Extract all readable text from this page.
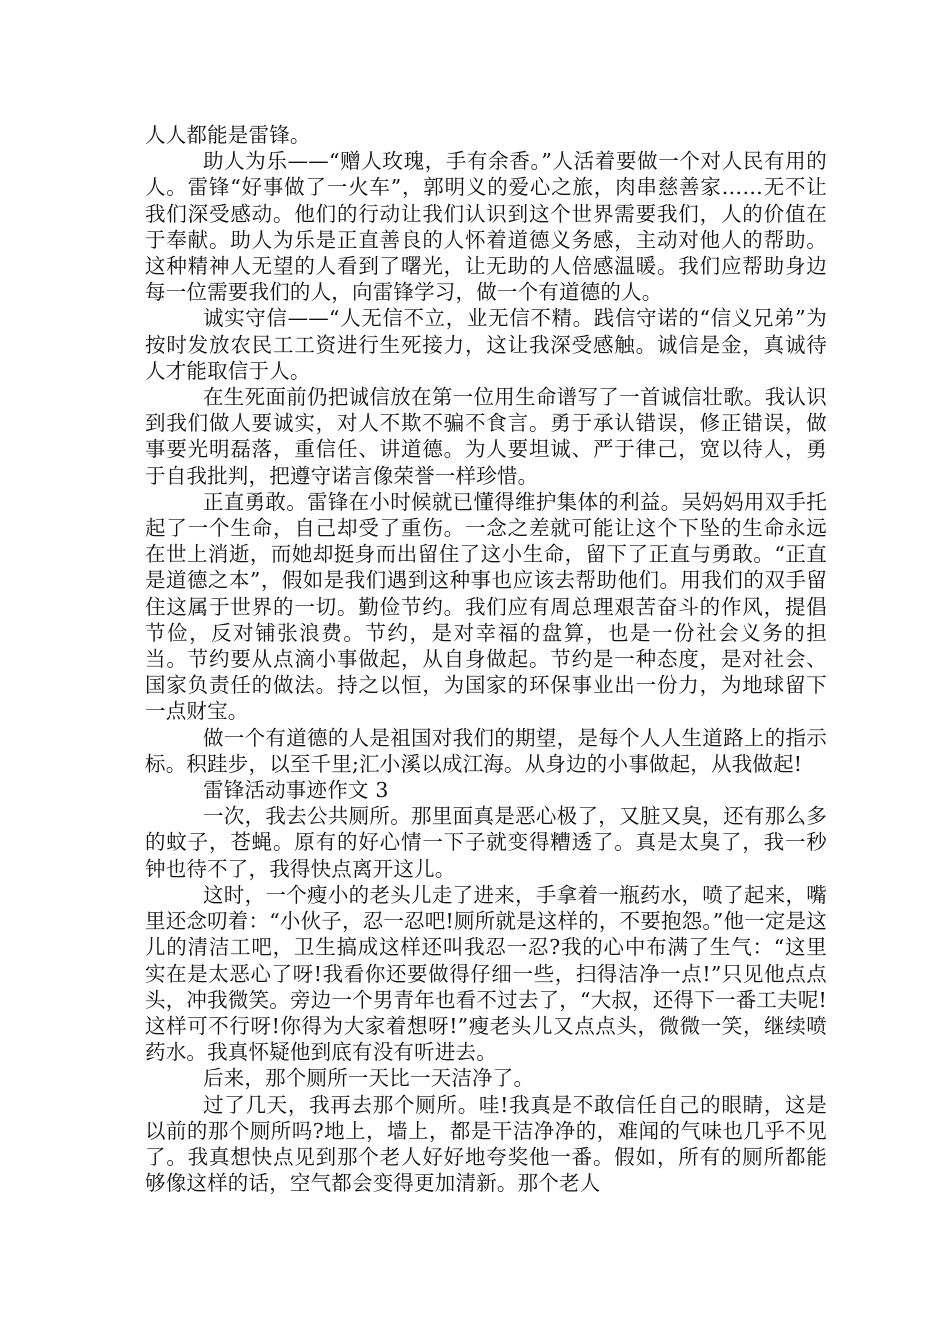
人人都能是雷锋。

助人为乐——“赠人玫瑰，手有余香。”人活着要做一个对人民有用的人。雷锋“好事做了一火车”，郭明义的爱心之旅，肉串慈善家……无不让我们深受感动。他们的行动让我们认识到这个世界需要我们，人的价值在于奉献。助人为乐是正直善良的人怀着道德义务感，主动对他人的帮助。这种精神人无望的人看到了曙光，让无助的人倍感温暖。我们应帮助身边每一位需要我们的人，向雷锋学习，做一个有道德的人。

诚实守信——“人无信不立，业无信不精。践信守诺的“信义兄弟”为按时发放农民工工资进行生死接力，这让我深受感触。诚信是金，真诚待人才能取信于人。

在生死面前仍把诚信放在第一位用生命谱写了一首诚信壮歌。我认识到我们做人要诚实，对人不欺不骗不食言。勇于承认错误，修正错误，做事要光明磊落，重信任、讲道德。为人要坦诚、严于律己，宽以待人，勇于自我批判，把遵守诺言像荣誉一样珍惜。

正直勇敢。雷锋在小时候就已懂得维护集体的利益。吴妈妈用双手托起了一个生命，自己却受了重伤。一念之差就可能让这个下坠的生命永远在世上消逝，而她却挺身而出留住了这小生命，留下了正直与勇敢。“正直是道德之本”，假如是我们遇到这种事也应该去帮助他们。用我们的双手留住这属于世界的一切。勤俭节约。我们应有周总理艰苦奋斗的作风，提倡节俭，反对铺张浪费。节约，是对幸福的盘算，也是一份社会义务的担当。节约要从点滴小事做起，从自身做起。节约是一种态度，是对社会、国家负责任的做法。持之以恒，为国家的环保事业出一份力，为地球留下一点财宝。

做一个有道德的人是祖国对我们的期望，是每个人人生道路上的指示标。积跬步，以至千里;汇小溪以成江海。从身边的小事做起，从我做起!

雷锋活动事迹作文 3

一次，我去公共厕所。那里面真是恶心极了，又脏又臭，还有那么多的蚊子，苍蝇。原有的好心情一下子就变得糟透了。真是太臭了，我一秒钟也待不了，我得快点离开这儿。

这时，一个瘦小的老头儿走了进来，手拿着一瓶药水，喷了起来，嘴里还念叨着：“小伙子，忍一忍吧!厕所就是这样的，不要抱怨。”他一定是这儿的清洁工吧，卫生搞成这样还叫我忍一忍?我的心中布满了生气：“这里实在是太恶心了呀!我看你还要做得仔细一些，扫得洁净一点!”只见他点点头，冲我微笑。旁边一个男青年也看不过去了，“大叔，还得下一番工夫呢!这样可不行呀!你得为大家着想呀!”瘦老头儿又点点头，微微一笑，继续喷药水。我真怀疑他到底有没有听进去。

后来，那个厕所一天比一天洁净了。

过了几天，我再去那个厕所。哇!我真是不敢信任自己的眼睛，这是以前的那个厕所吗?地上，墙上，都是干洁净净的，难闻的气味也几乎不见了。我真想快点见到那个老人好好地夸奖他一番。假如，所有的厕所都能够像这样的话，空气都会变得更加清新。那个老人
